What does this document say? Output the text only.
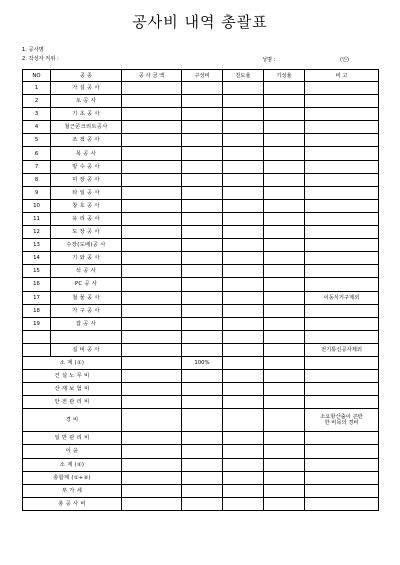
공사비 내역 총괄표
1. 공사명
2. 작성자 직위 :	성명 :	(인)
NO	공 종	공 사 금 액	구성비	진도율	기성율	비 고
1	가 설 공 사					
2	토 공 사					
3	기 초 공 사					
4	철근콘크리트공사					
5	조 적 공 사					
6	목 공 사					
7	방 수 공 사					
8	미 장 공 사					
9	타 일 공 사					
10	창 호 공 사					
11	유 리 공 사					
12	도 장 공 사					
13	수장(도배)공 사					
14	기 와 공 사					
15	석 공 사					
16	PC 공 사					
17	철 물 공 사					이동식기구제외
18	가 구 공 사					
19	잡 공 사					

	설 비 공 사					전기통신공사제외
소 계 (①)			100%			
건 설 노 무 비						
산 재 보 험 비						
안 전 관 리 비						
경 비						소요항산출이 곤란
한 비목의 경비

일 반 관 리 비						
이 윤						
소 계 (②)						
총합계 (①+②)						
부 가 세						
총 공 사 비						
